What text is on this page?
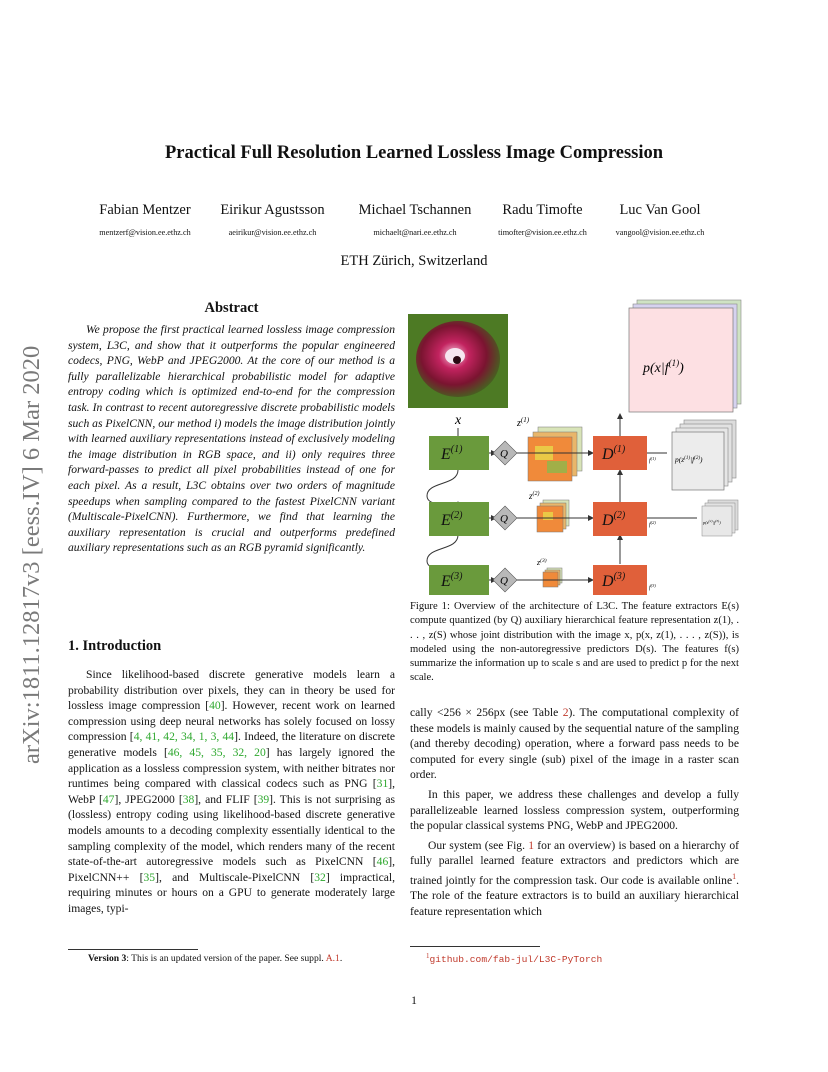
arXiv:1811.12817v3 [eess.IV] 6 Mar 2020
Practical Full Resolution Learned Lossless Image Compression
Fabian Mentzer	Eirikur Agustsson	Michael Tschannen	Radu Timofte	Luc Van Gool
mentzerf@vision.ee.ethz.ch	aeirikur@vision.ee.ethz.ch	michaelt@nari.ee.ethz.ch	timofter@vision.ee.ethz.ch	vangool@vision.ee.ethz.ch
ETH Zürich, Switzerland
Abstract

We propose the first practical learned lossless image compression system, L3C, and show that it outperforms the popular engineered codecs, PNG, WebP and JPEG2000. At the core of our method is a fully parallelizable hierarchical probabilistic model for adaptive entropy coding which is optimized end-to-end for the compression task. In contrast to recent autoregressive discrete probabilistic models such as PixelCNN, our method i) models the image distribution jointly with learned auxiliary representations instead of exclusively modeling the image distribution in RGB space, and ii) only requires three forward-passes to predict all pixel probabilities instead of one for each pixel. As a result, L3C obtains over two orders of magnitude speedups when sampling compared to the fastest PixelCNN variant (Multiscale-PixelCNN). Furthermore, we find that learning the auxiliary representation is crucial and outperforms predefined auxiliary representations such as an RGB pyramid significantly.

1. Introduction

Since likelihood-based discrete generative models learn a probability distribution over pixels, they can in theory be used for lossless image compression [40]. However, recent work on learned compression using deep neural networks has solely focused on lossy compression [4, 41, 42, 34, 1, 3, 44]. Indeed, the literature on discrete generative models [46, 45, 35, 32, 20] has largely ignored the application as a lossless compression system, with neither bitrates nor runtimes being compared with classical codecs such as PNG [31], WebP [47], JPEG2000 [38], and FLIF [39]. This is not surprising as (lossless) entropy coding using likelihood-based discrete generative models amounts to a decoding complexity essentially identical to the sampling complexity of the model, which renders many of the recent state-of-the-art autoregressive models such as PixelCNN [46], PixelCNN++ [35], and Multiscale-PixelCNN [32] impractical, requiring minutes or hours on a GPU to generate moderately large images, typi-

Version 3: This is an updated version of the paper. See suppl. A.1.
x
$p(x|f^{(1)})$
$p(z^{(1)}|f^{(2)})$
$p(z^{(2)}|f^{(3)})$
$z^{(1)}$
$z^{(2)}$
$z^{(3)}$
$E^{(1)}$
$E^{(2)}$
$E^{(3)}$
Q
Q
Q
$D^{(1)}$
$D^{(2)}$
$D^{(3)}$
$f^{(1)}$
$f^{(2)}$
$f^{(3)}$
Figure 1: Overview of the architecture of L3C. The feature extractors E(s) compute quantized (by Q) auxiliary hierarchical feature representation z(1), . . . , z(S) whose joint distribution with the image x, p(x, z(1), . . . , z(S)), is modeled using the non-autoregressive predictors D(s). The features f(s) summarize the information up to scale s and are used to predict p for the next scale.

cally <256 × 256px (see Table 2). The computational complexity of these models is mainly caused by the sequential nature of the sampling (and thereby decoding) operation, where a forward pass needs to be computed for every single (sub) pixel of the image in a raster scan order.

In this paper, we address these challenges and develop a fully parallelizeable learned lossless compression system, outperforming the popular classical systems PNG, WebP and JPEG2000.

Our system (see Fig. 1 for an overview) is based on a hierarchy of fully parallel learned feature extractors and predictors which are trained jointly for the compression task. Our code is available online$^1$. The role of the feature extractors is to build an auxiliary hierarchical feature representation which

$^1$github.com/fab-jul/L3C-PyTorch
1
